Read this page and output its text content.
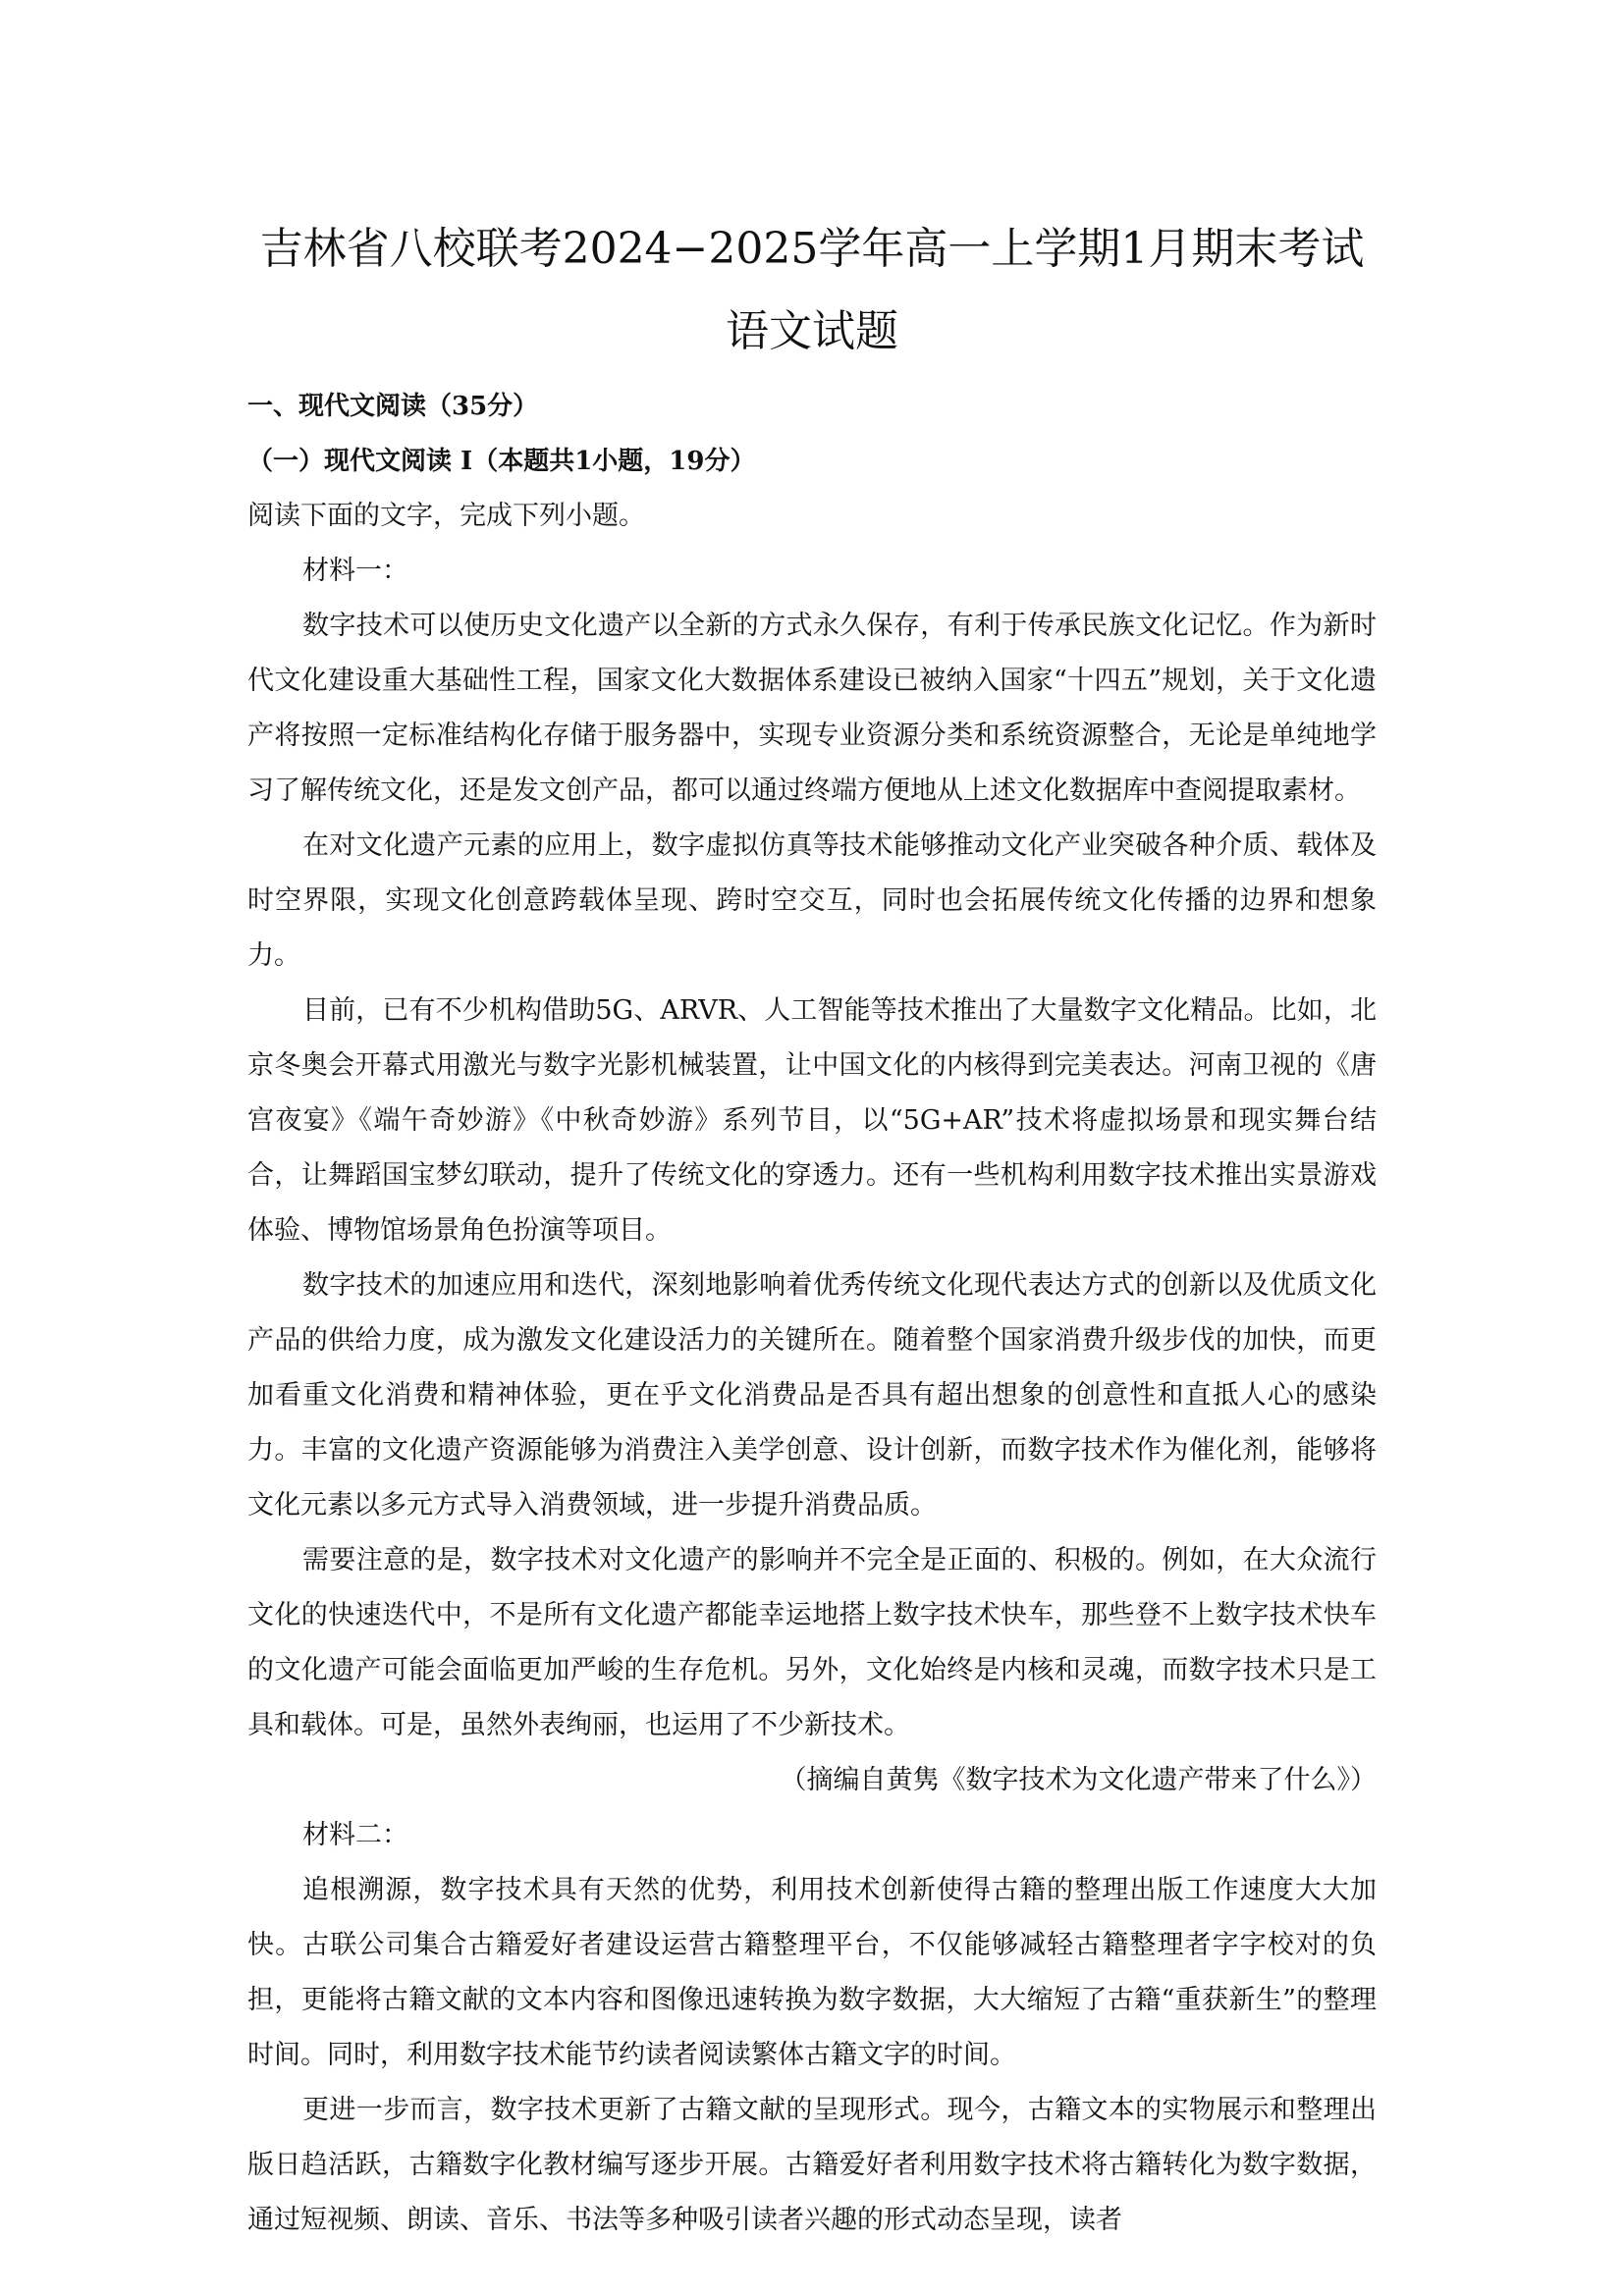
吉林省八校联考2024−2025学年高一上学期1月期末考试语文试题

一、现代文阅读（35分）

（一）现代文阅读 I（本题共1小题，19分）

阅读下面的文字，完成下列小题。

材料一：

数字技术可以使历史文化遗产以全新的方式永久保存，有利于传承民族文化记忆。作为新时代文化建设重大基础性工程，国家文化大数据体系建设已被纳入国家“十四五”规划，关于文化遗产将按照一定标准结构化存储于服务器中，实现专业资源分类和系统资源整合，无论是单纯地学习了解传统文化，还是发文创产品，都可以通过终端方便地从上述文化数据库中查阅提取素材。

在对文化遗产元素的应用上，数字虚拟仿真等技术能够推动文化产业突破各种介质、载体及时空界限，实现文化创意跨载体呈现、跨时空交互，同时也会拓展传统文化传播的边界和想象力。

目前，已有不少机构借助5G、ARVR、人工智能等技术推出了大量数字文化精品。比如，北京冬奥会开幕式用激光与数字光影机械装置，让中国文化的内核得到完美表达。河南卫视的《唐宫夜宴》《端午奇妙游》《中秋奇妙游》系列节目，以“5G+AR”技术将虚拟场景和现实舞台结合，让舞蹈国宝梦幻联动，提升了传统文化的穿透力。还有一些机构利用数字技术推出实景游戏体验、博物馆场景角色扮演等项目。

数字技术的加速应用和迭代，深刻地影响着优秀传统文化现代表达方式的创新以及优质文化产品的供给力度，成为激发文化建设活力的关键所在。随着整个国家消费升级步伐的加快，而更加看重文化消费和精神体验，更在乎文化消费品是否具有超出想象的创意性和直抵人心的感染力。丰富的文化遗产资源能够为消费注入美学创意、设计创新，而数字技术作为催化剂，能够将文化元素以多元方式导入消费领域，进一步提升消费品质。

需要注意的是，数字技术对文化遗产的影响并不完全是正面的、积极的。例如，在大众流行文化的快速迭代中，不是所有文化遗产都能幸运地搭上数字技术快车，那些登不上数字技术快车的文化遗产可能会面临更加严峻的生存危机。另外，文化始终是内核和灵魂，而数字技术只是工具和载体。可是，虽然外表绚丽，也运用了不少新技术。

（摘编自黄隽《数字技术为文化遗产带来了什么》）

材料二：

追根溯源，数字技术具有天然的优势，利用技术创新使得古籍的整理出版工作速度大大加快。古联公司集合古籍爱好者建设运营古籍整理平台，不仅能够减轻古籍整理者字字校对的负担，更能将古籍文献的文本内容和图像迅速转换为数字数据，大大缩短了古籍“重获新生”的整理时间。同时，利用数字技术能节约读者阅读繁体古籍文字的时间。

更进一步而言，数字技术更新了古籍文献的呈现形式。现今，古籍文本的实物展示和整理出版日趋活跃，古籍数字化教材编写逐步开展。古籍爱好者利用数字技术将古籍转化为数字数据，通过短视频、朗读、音乐、书法等多种吸引读者兴趣的形式动态呈现，读者
